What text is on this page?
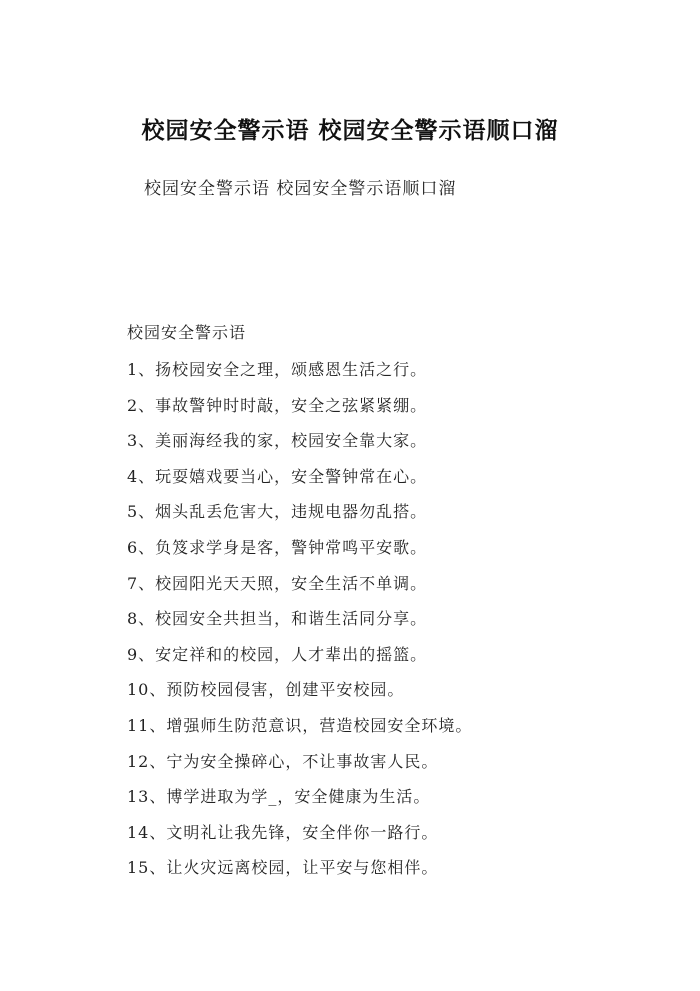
校园安全警示语 校园安全警示语顺口溜
校园安全警示语 校园安全警示语顺口溜
校园安全警示语
1、扬校园安全之理，颂感恩生活之行。
2、事故警钟时时敲，安全之弦紧紧绷。
3、美丽海经我的家，校园安全靠大家。
4、玩耍嬉戏要当心，安全警钟常在心。
5、烟头乱丢危害大，违规电器勿乱搭。
6、负笈求学身是客，警钟常鸣平安歌。
7、校园阳光天天照，安全生活不单调。
8、校园安全共担当，和谐生活同分享。
9、安定祥和的校园，人才辈出的摇篮。
10、预防校园侵害，创建平安校园。
11、增强师生防范意识，营造校园安全环境。
12、宁为安全操碎心，不让事故害人民。
13、博学进取为学_，安全健康为生活。
14、文明礼让我先锋，安全伴你一路行。
15、让火灾远离校园，让平安与您相伴。
